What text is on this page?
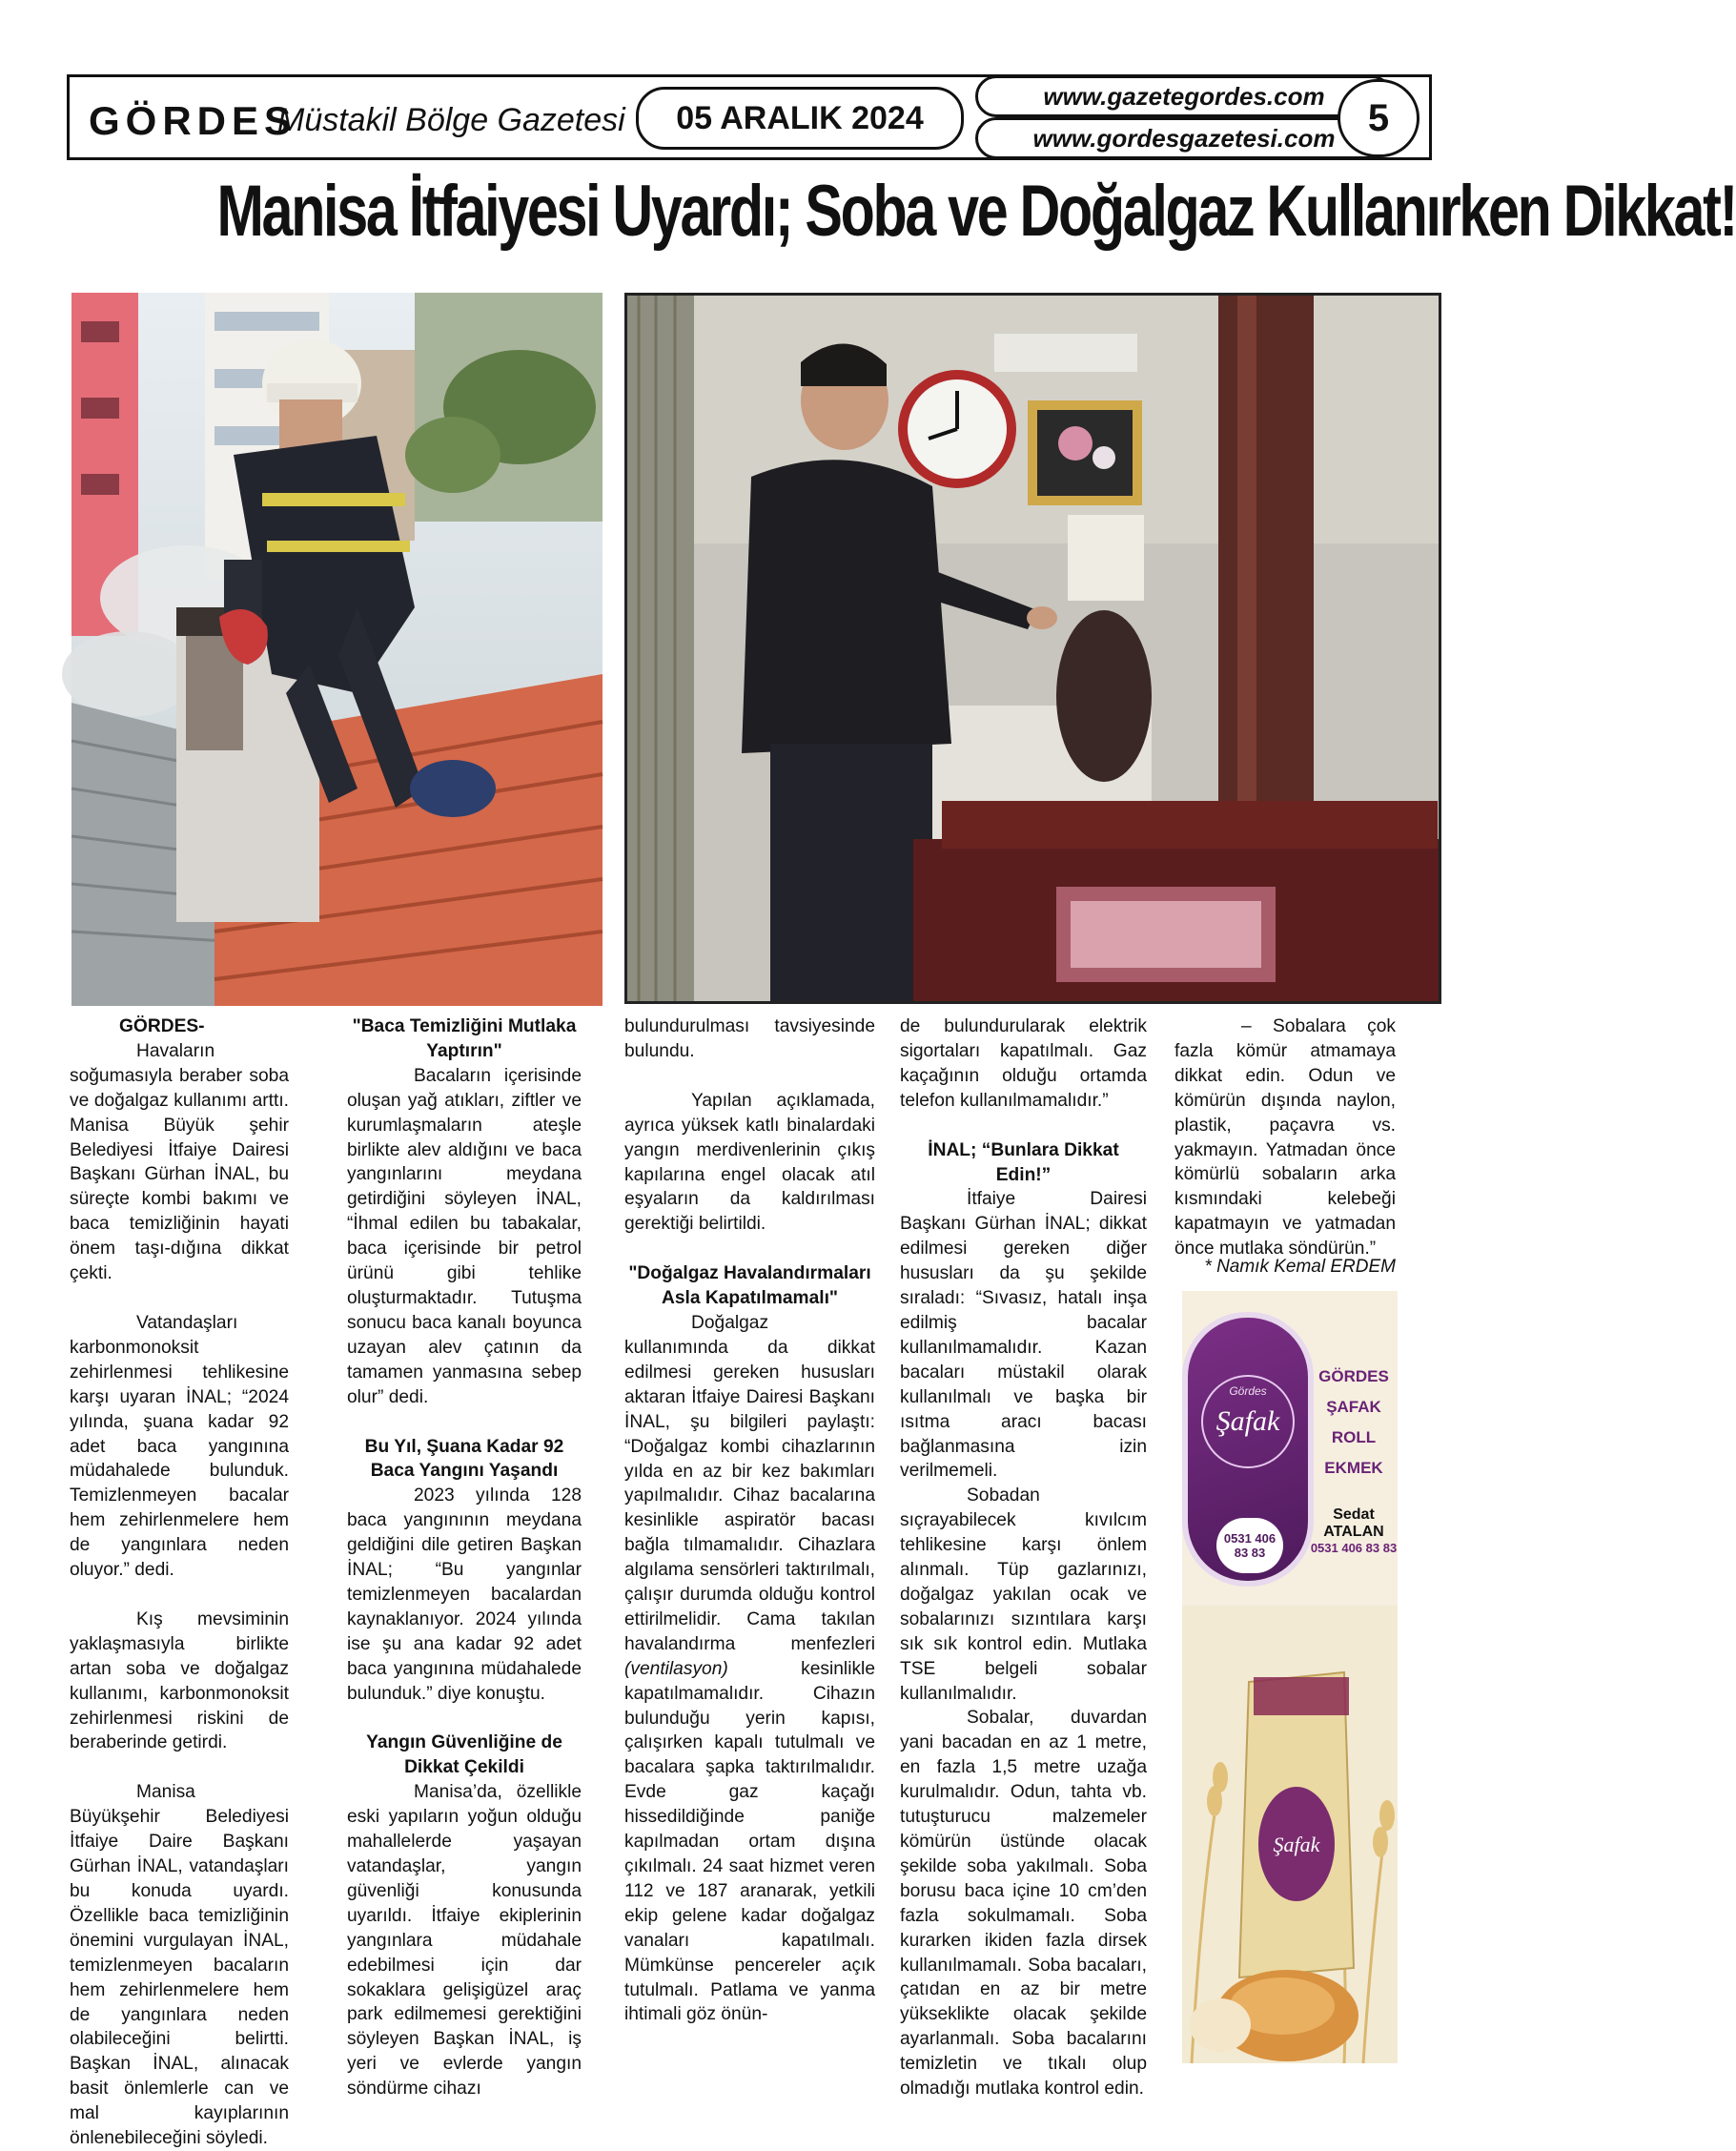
GÖRDES
Müstakil Bölge Gazetesi	05 ARALIK 2024
www.gazetegordes.com
www.gordesgazetesi.com 5
Manisa İtfaiyesi Uyardı; Soba ve Doğalgaz Kullanırken Dikkat!
GÖRDES-

Havaların soğumasıyla beraber soba ve doğalgaz kullanımı arttı. Manisa Büyük şehir Belediyesi İtfaiye Dairesi Başkanı Gürhan İNAL, bu süreçte kombi bakımı ve baca temizliğinin hayati önem taşı-dığına dikkat çekti.

Vatandaşları karbonmonoksit zehirlenmesi tehlikesine karşı uyaran İNAL; “2024 yılında, şuana kadar 92 adet baca yangınına müdahalede bulunduk. Temizlenmeyen bacalar hem zehirlenmelere hem de yangınlara neden oluyor.” dedi.

Kış mevsiminin yaklaşmasıyla birlikte artan soba ve doğalgaz kullanımı, karbonmonoksit zehirlenmesi riskini de beraberinde getirdi.

Manisa Büyükşehir Belediyesi İtfaiye Daire Başkanı Gürhan İNAL, vatandaşları bu konuda uyardı. Özellikle baca temizliğinin önemini vurgulayan İNAL, temizlenmeyen bacaların hem zehirlenmelere hem de yangınlara neden olabileceğini belirtti. Başkan İNAL, alınacak basit önlemlerle can ve mal kayıplarının önlenebileceğini söyledi.

"Baca Temizliğini Mutlaka Yaptırın"

Bacaların içerisinde oluşan yağ atıkları, ziftler ve kurumlaşmaların ateşle birlikte alev aldığını ve baca yangınlarını meydana getirdiğini söyleyen İNAL, “İhmal edilen bu tabakalar, baca içerisinde bir petrol ürünü gibi tehlike oluşturmaktadır. Tutuşma sonucu baca kanalı boyunca uzayan alev çatının da tamamen yanmasına sebep olur” dedi.

Bu Yıl, Şuana Kadar 92 Baca Yangını Yaşandı

2023 yılında 128 baca yangınının meydana geldiğini dile getiren Başkan İNAL; “Bu yangınlar temizlenmeyen bacalardan kaynaklanıyor. 2024 yılında ise şu ana kadar 92 adet baca yangınına müdahalede bulunduk.” diye konuştu.

Yangın Güvenliğine de Dikkat Çekildi

Manisa’da, özellikle eski yapıların yoğun olduğu mahallelerde yaşayan vatandaşlar, yangın güvenliği konusunda uyarıldı. İtfaiye ekiplerinin yangınlara müdahale edebilmesi için dar sokaklara gelişigüzel araç park edilmemesi gerektiğini söyleyen Başkan İNAL, iş yeri ve evlerde yangın söndürme cihazı

bulundurulması tavsiyesinde bulundu.

Yapılan açıklamada, ayrıca yüksek katlı binalardaki yangın merdivenlerinin çıkış kapılarına engel olacak atıl eşyaların da kaldırılması gerektiği belirtildi.

"Doğalgaz Havalandırmaları Asla Kapatılmamalı"

Doğalgaz kullanımında da dikkat edilmesi gereken hususları aktaran İtfaiye Dairesi Başkanı İNAL, şu bilgileri paylaştı: “Doğalgaz kombi cihazlarının yılda en az bir kez bakımları yapılmalıdır. Cihaz bacalarına kesinlikle aspiratör bacası bağla tılmamalıdır. Cihazlara algılama sensörleri taktırılmalı, çalışır durumda olduğu kontrol ettirilmelidir. Cama takılan havalandırma menfezleri (ventilasyon) kesinlikle kapatılmamalıdır. Cihazın bulunduğu yerin kapısı, çalışırken kapalı tutulmalı ve bacalara şapka taktırılmalıdır. Evde gaz kaçağı hissedildiğinde paniğe kapılmadan ortam dışına çıkılmalı. 24 saat hizmet veren 112 ve 187 aranarak, yetkili ekip gelene kadar doğalgaz vanaları kapatılmalı. Mümkünse pencereler açık tutulmalı. Patlama ve yanma ihtimali göz önün-

de bulundurularak elektrik sigortaları kapatılmalı. Gaz kaçağının olduğu ortamda telefon kullanılmamalıdır.”
İNAL; “Bunlara Dikkat Edin!”

İtfaiye Dairesi Başkanı Gürhan İNAL; dikkat edilmesi gereken diğer hususları da şu şekilde sıraladı: “Sıvasız, hatalı inşa edilmiş bacalar kullanılmamalıdır. Kazan bacaları müstakil olarak kullanılmalı ve başka bir ısıtma aracı bacası bağlanmasına izin verilmemeli.

Sobadan sıçrayabilecek kıvılcım tehlikesine karşı önlem alınmalı. Tüp gazlarınızı, doğalgaz yakılan ocak ve sobalarınızı sızıntılara karşı sık sık kontrol edin. Mutlaka TSE belgeli sobalar kullanılmalıdır.

Sobalar, duvardan yani bacadan en az 1 metre, en fazla 1,5 metre uzağa kurulmalıdır. Odun, tahta vb. tutuşturucu malzemeler kömürün üstünde olacak şekilde soba yakılmalı. Soba borusu baca içine 10 cm’den fazla sokulmamalı. Soba kurarken ikiden fazla dirsek kullanılmamalı. Soba bacaları, çatıdan en az bir metre yükseklikte olacak şekilde ayarlanmalı. Soba bacalarını temizletin ve tıkalı olup olmadığı mutlaka kontrol edin.

– Sobalara çok fazla kömür atmamaya dikkat edin. Odun ve kömürün dışında naylon, plastik, paçavra vs. yakmayın. Yatmadan önce kömürlü sobaların arka kısmındaki kelebeği kapatmayın ve yatmadan önce mutlaka söndürün.”

* Namık Kemal ERDEM
Gördes
Şafak
0531 406 83 83
GÖRDES
ŞAFAK ROLL
EKMEK
Sedat ATALAN
0531 406 83 83
Şafak
